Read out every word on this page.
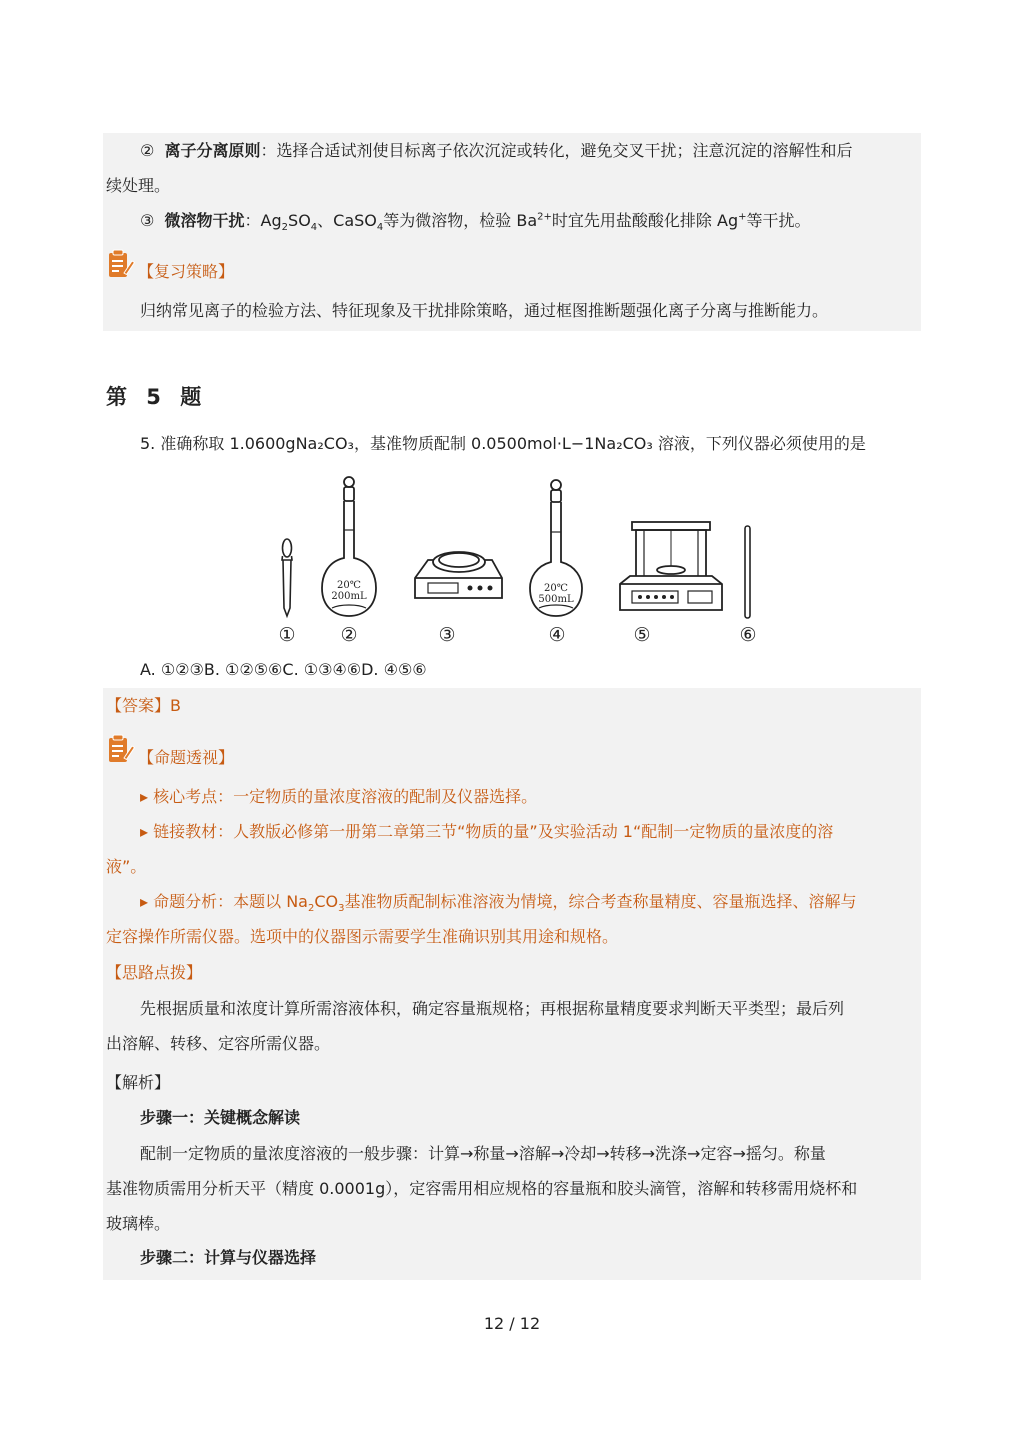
② 离子分离原则：选择合适试剂使目标离子依次沉淀或转化，避免交叉干扰；注意沉淀的溶解性和后
续处理。
③ 微溶物干扰：$Ag_2SO_4$、CaSO$_4$等为微溶物，检验 $Ba^{2+}$时宜先用盐酸酸化排除 Ag+等干扰。
【复习策略】
归纳常见离子的检验方法、特征现象及干扰排除策略，通过框图推断题强化离子分离与推断能力。
第 5 题
5. 准确称取 1.0600gNa₂CO₃，基准物质配制 0.0500mol·L−1Na₂CO₃ 溶液，下列仪器必须使用的是
20℃
200mL
20℃
500mL
① ②	③	④	⑤	⑥
A. ①②③B. ①②⑤⑥C. ①③④⑥D. ④⑤⑥
【答案】B
【命题透视】
▸ 核心考点：一定物质的量浓度溶液的配制及仪器选择。
▸ 链接教材：人教版必修第一册第二章第三节“物质的量”及实验活动 1“配制一定物质的量浓度的溶
液”。
▸ 命题分析：本题以 $Na_2CO_3$基准物质配制标准溶液为情境，综合考查称量精度、容量瓶选择、溶解与
定容操作所需仪器。选项中的仪器图示需要学生准确识别其用途和规格。
【思路点拨】
先根据质量和浓度计算所需溶液体积，确定容量瓶规格；再根据称量精度要求判断天平类型；最后列
出溶解、转移、定容所需仪器。
【解析】
步骤一：关键概念解读
配制一定物质的量浓度溶液的一般步骤：计算→称量→溶解→冷却→转移→洗涤→定容→摇匀。称量
基准物质需用分析天平（精度 0.0001g），定容需用相应规格的容量瓶和胶头滴管，溶解和转移需用烧杯和
玻璃棒。
步骤二：计算与仪器选择
12 / 12
